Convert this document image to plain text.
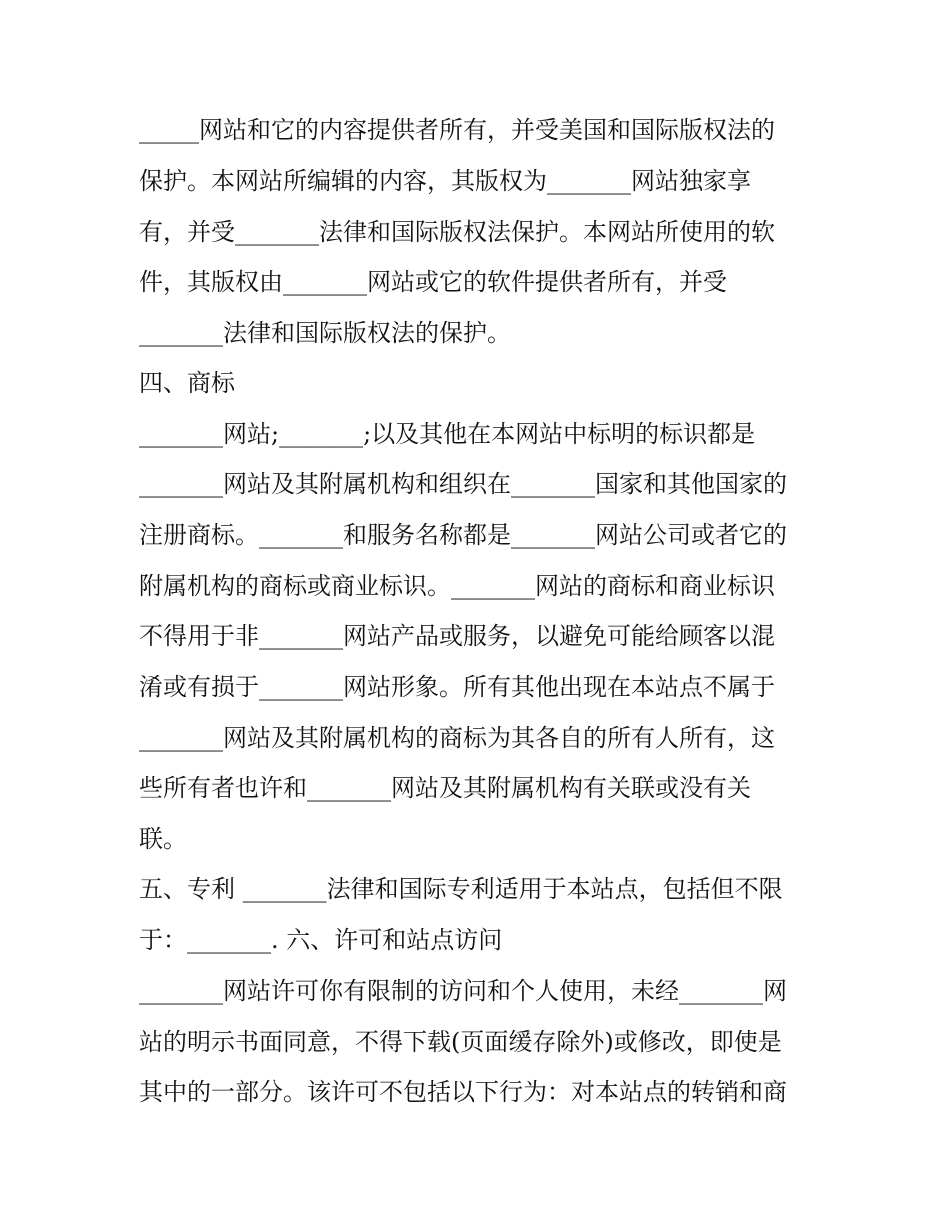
_____网站和它的内容提供者所有，并受美国和国际版权法的
保护。本网站所编辑的内容，其版权为_______网站独家享
有，并受_______法律和国际版权法保护。本网站所使用的软
件，其版权由_______网站或它的软件提供者所有，并受
_______法律和国际版权法的保护。
四、商标
_______网站;_______;以及其他在本网站中标明的标识都是
_______网站及其附属机构和组织在_______国家和其他国家的
注册商标。_______和服务名称都是_______网站公司或者它的
附属机构的商标或商业标识。_______网站的商标和商业标识
不得用于非_______网站产品或服务，以避免可能给顾客以混
淆或有损于_______网站形象。所有其他出现在本站点不属于
_______网站及其附属机构的商标为其各自的所有人所有，这
些所有者也许和_______网站及其附属机构有关联或没有关
联。
五、专利 _______法律和国际专利适用于本站点，包括但不限
于：_______. 六、许可和站点访问
_______网站许可你有限制的访问和个人使用，未经_______网
站的明示书面同意，不得下载(页面缓存除外)或修改，即使是
其中的一部分。该许可不包括以下行为：对本站点的转销和商
